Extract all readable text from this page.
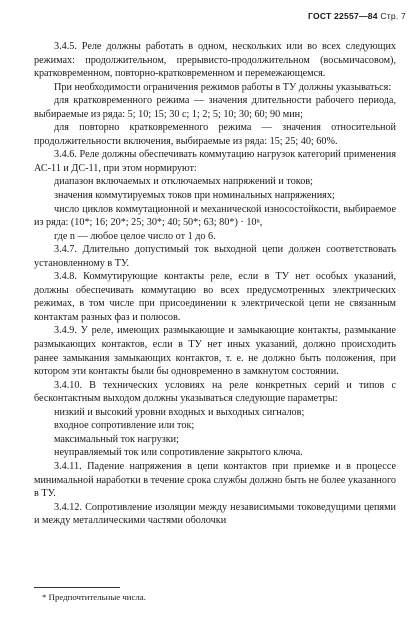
ГОСТ 22557—84 Стр. 7

3.4.5. Реле должны работать в одном, нескольких или во всех следующих режимах: продолжительном, прерывисто-продолжительном (восьмичасовом), кратковременном, повторно-кратковременном и перемежающемся.

При необходимости ограничения режимов работы в ТУ должны указываться:

для кратковременного режима — значения длительности рабочего периода, выбираемые из ряда: 5; 10; 15; 30 с; 1; 2; 5; 10; 30; 60; 90 мин;

для повторно кратковременного режима — значения относительной продолжительности включения, выбираемые из ряда: 15; 25; 40; 60%.

3.4.6. Реле должны обеспечивать коммутацию нагрузок категорий применения АС-11 и ДС-11, при этом нормируют:

диапазон включаемых и отключаемых напряжений и токов;

значения коммутируемых токов при номинальных напряжениях;

число циклов коммутационной и механической износостойкости, выбираемое из ряда: (10*; 16; 20*; 25; 30*; 40; 50*; 63; 80*) · 10ⁿ,

где n — любое целое число от 1 до 6.

3.4.7. Длительно допустимый ток выходной цепи должен соответствовать установленному в ТУ.

3.4.8. Коммутирующие контакты реле, если в ТУ нет особых указаний, должны обеспечивать коммутацию во всех предусмотренных электрических режимах, в том числе при присоединении к электрической цепи не связанным контактам разных фаз и полюсов.

3.4.9. У реле, имеющих размыкающие и замыкающие контакты, размыкание размыкающих контактов, если в ТУ нет иных указаний, должно происходить ранее замыкания замыкающих контактов, т. е. не должно быть положения, при котором эти контакты были бы одновременно в замкнутом состоянии.

3.4.10. В технических условиях на реле конкретных серий и типов с бесконтактным выходом должны указываться следующие параметры:

низкий и высокий уровни входных и выходных сигналов;

входное сопротивление или ток;

максимальный ток нагрузки;

неуправляемый ток или сопротивление закрытого ключа.

3.4.11. Падение напряжения в цепи контактов при приемке и в процессе минимальной наработки в течение срока службы должно быть не более указанного в ТУ.

3.4.12. Сопротивление изоляции между независимыми токоведущими цепями и между металлическими частями оболочки

* Предпочтительные числа.
